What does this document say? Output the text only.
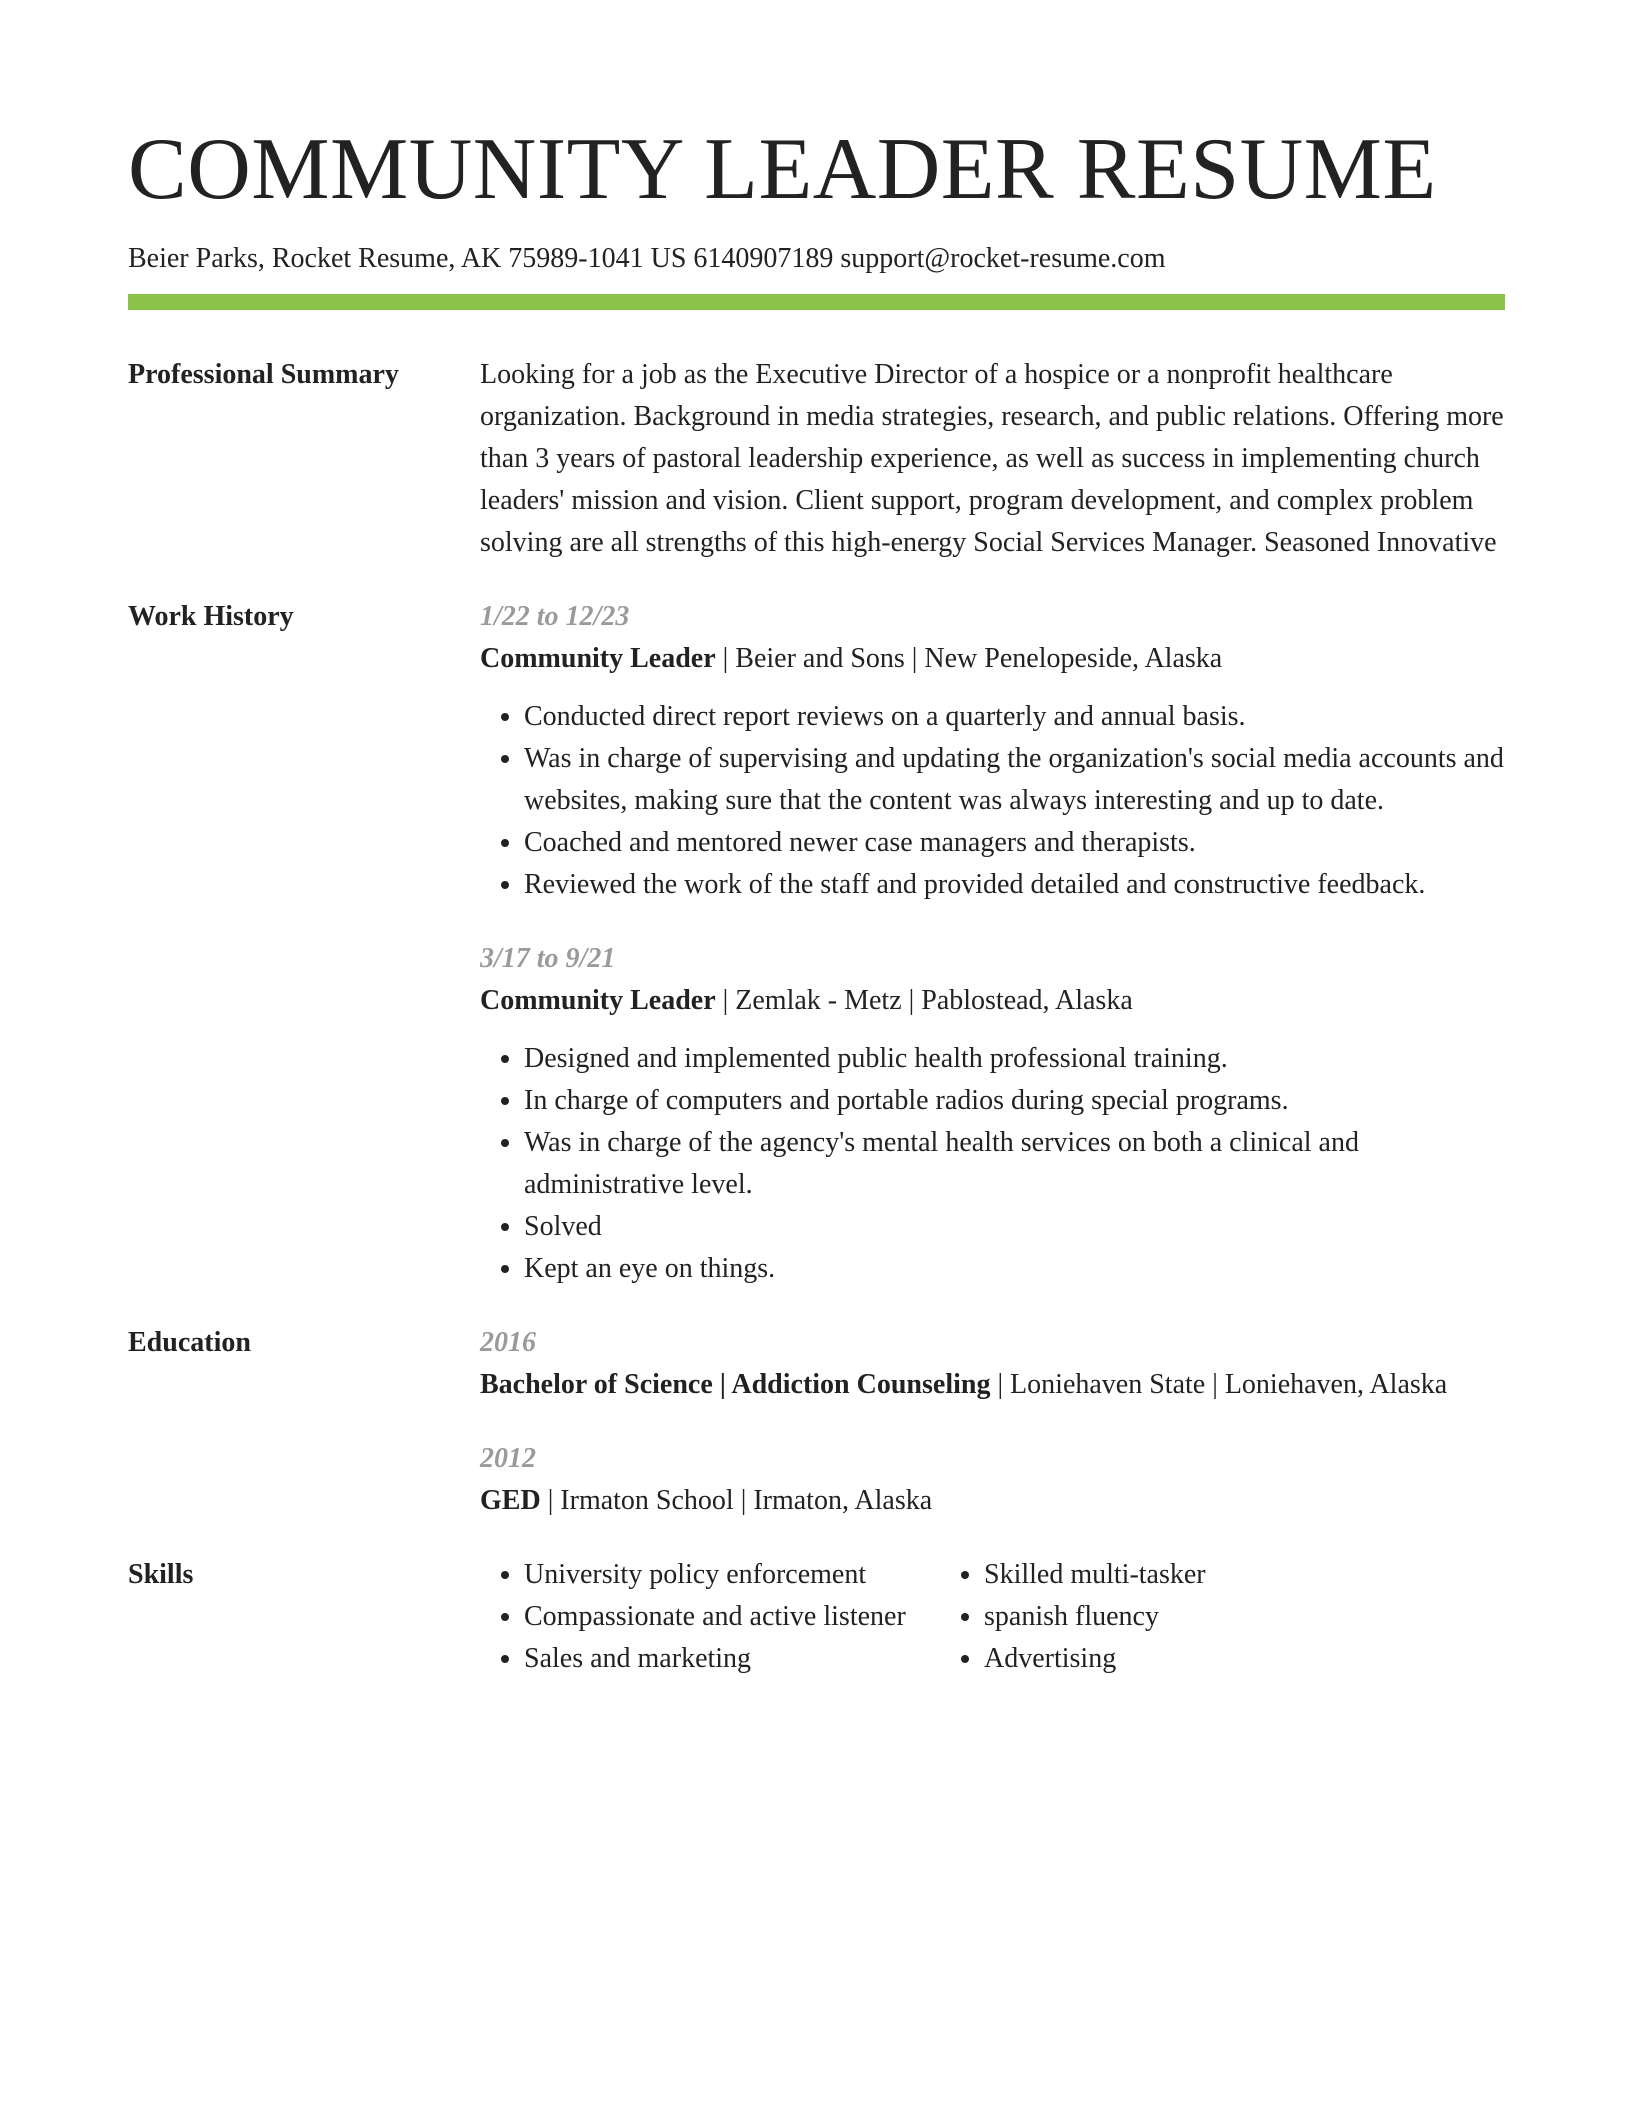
COMMUNITY LEADER RESUME
Beier Parks, Rocket Resume, AK 75989-1041 US 6140907189 support@rocket-resume.com
Professional Summary	Looking for a job as the Executive Director of a hospice or a nonprofit healthcare organization. Background in media strategies, research, and public relations. Offering more than 3 years of pastoral leadership experience, as well as success in implementing church leaders' mission and vision. Client support, program development, and complex problem solving are all strengths of this high-energy Social Services Manager. Seasoned Innovative

Work History	1/22 to 12/23
Community Leader | Beier and Sons | New Penelopeside, Alaska
• Conducted direct report reviews on a quarterly and annual basis.
• Was in charge of supervising and updating the organization's social media accounts and websites, making sure that the content was always interesting and up to date.
• Coached and mentored newer case managers and therapists.
• Reviewed the work of the staff and provided detailed and constructive feedback.
3/17 to 9/21
Community Leader | Zemlak - Metz | Pablostead, Alaska
• Designed and implemented public health professional training.
• In charge of computers and portable radios during special programs.
• Was in charge of the agency's mental health services on both a clinical and administrative level.
• Solved
• Kept an eye on things.
Education	2016
Bachelor of Science | Addiction Counseling | Loniehaven State | Loniehaven, Alaska
2012
GED | Irmaton School | Irmaton, Alaska
Skills
•	University policy enforcement
• Compassionate and active listener
• Sales and marketing
• Skilled multi-tasker
• spanish fluency
• Advertising
